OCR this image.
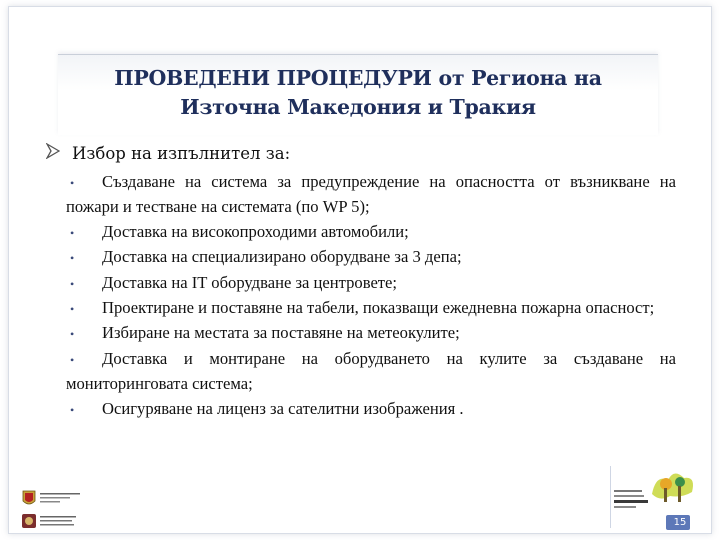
ПРОВЕДЕНИ ПРОЦЕДУРИ от Региона на
Източна Македония и Тракия
Избор на изпълнител за:

• Създаване на система за предупреждение на опасността от възникване на пожари и тестване на системата (по WP 5);

• Доставка на високопроходими автомобили;

• Доставка на специализирано оборудване за 3 депа;

• Доставка на IT оборудване за центровете;

• Проектиране и поставяне на табели, показващи ежедневна пожарна опасност;

• Избиране на местата за поставяне на метеокулите;

• Доставка и монтиране на оборудването на кулите за създаване на мониторинговата система;

• Осигуряване на лиценз за сателитни изображения .

15
